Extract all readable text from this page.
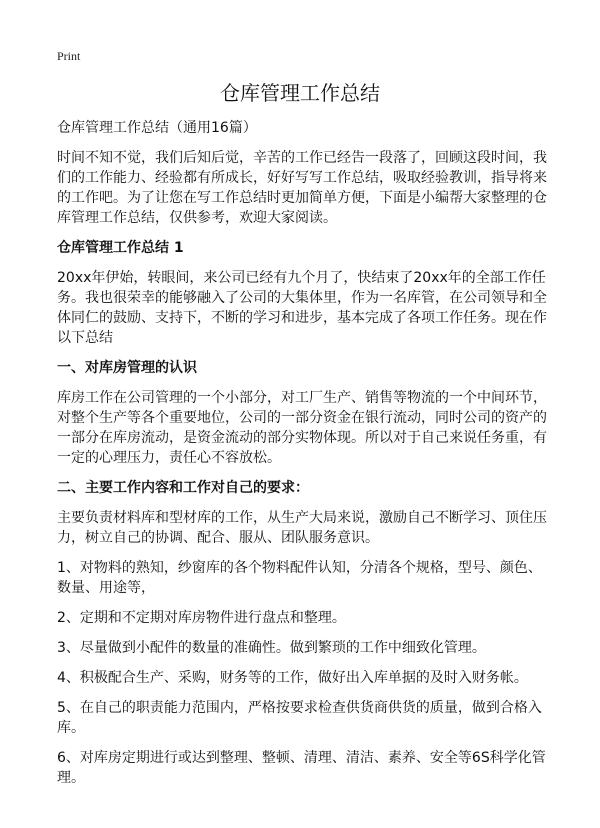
Print
仓库管理工作总结

仓库管理工作总结（通用16篇）

时间不知不觉，我们后知后觉，辛苦的工作已经告一段落了，回顾这段时间，我们的工作能力、经验都有所成长，好好写写工作总结，吸取经验教训，指导将来的工作吧。为了让您在写工作总结时更加简单方便，下面是小编帮大家整理的仓库管理工作总结，仅供参考，欢迎大家阅读。

仓库管理工作总结 1

20xx年伊始，转眼间，来公司已经有九个月了，快结束了20xx年的全部工作任务。我也很荣幸的能够融入了公司的大集体里，作为一名库管，在公司领导和全体同仁的鼓励、支持下，不断的学习和进步，基本完成了各项工作任务。现在作以下总结

一、对库房管理的认识

库房工作在公司管理的一个小部分，对工厂生产、销售等物流的一个中间环节，对整个生产等各个重要地位，公司的一部分资金在银行流动，同时公司的资产的一部分在库房流动，是资金流动的部分实物体现。所以对于自己来说任务重，有一定的心理压力，责任心不容放松。

二、主要工作内容和工作对自己的要求：

主要负责材料库和型材库的工作，从生产大局来说，激励自己不断学习、顶住压力，树立自己的协调、配合、服从、团队服务意识。

1、对物料的熟知，纱窗库的各个物料配件认知，分清各个规格，型号、颜色、数量、用途等，

2、定期和不定期对库房物件进行盘点和整理。

3、尽量做到小配件的数量的准确性。做到繁琐的工作中细致化管理。

4、积极配合生产、采购，财务等的工作，做好出入库单据的及时入财务帐。

5、在自己的职责能力范围内，严格按要求检查供货商供货的质量，做到合格入库。

6、对库房定期进行或达到整理、整顿、清理、清洁、素养、安全等6S科学化管理。
